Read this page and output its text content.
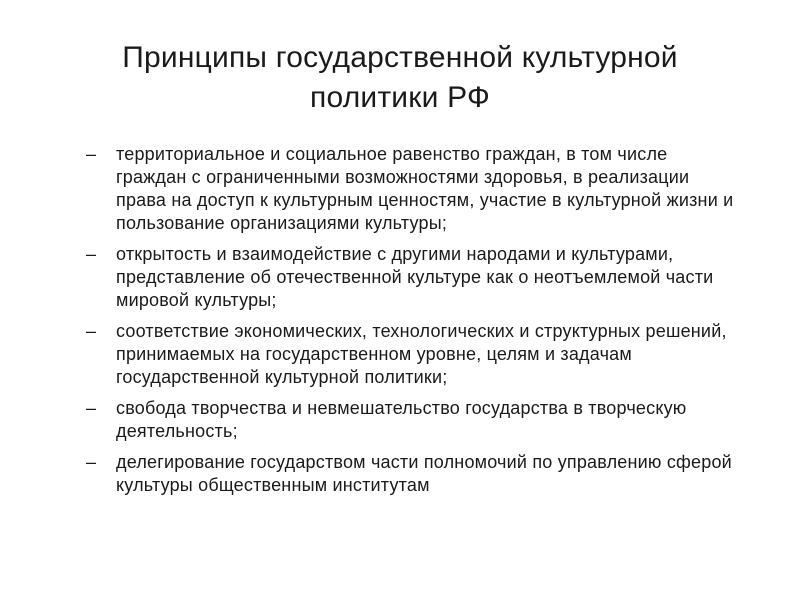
Принципы государственной культурной политики РФ
– территориальное и социальное равенство граждан, в том числе граждан с ограниченными возможностями здоровья, в реализации права на доступ к культурным ценностям, участие в культурной жизни и пользование организациями культуры;
– открытость и взаимодействие с другими народами и культурами, представление об отечественной культуре как о неотъемлемой части мировой культуры;
– соответствие экономических, технологических и структурных решений, принимаемых на государственном уровне, целям и задачам государственной культурной политики;
– свобода творчества и невмешательство государства в творческую деятельность;
– делегирование государством части полномочий по управлению сферой культуры общественным институтам
